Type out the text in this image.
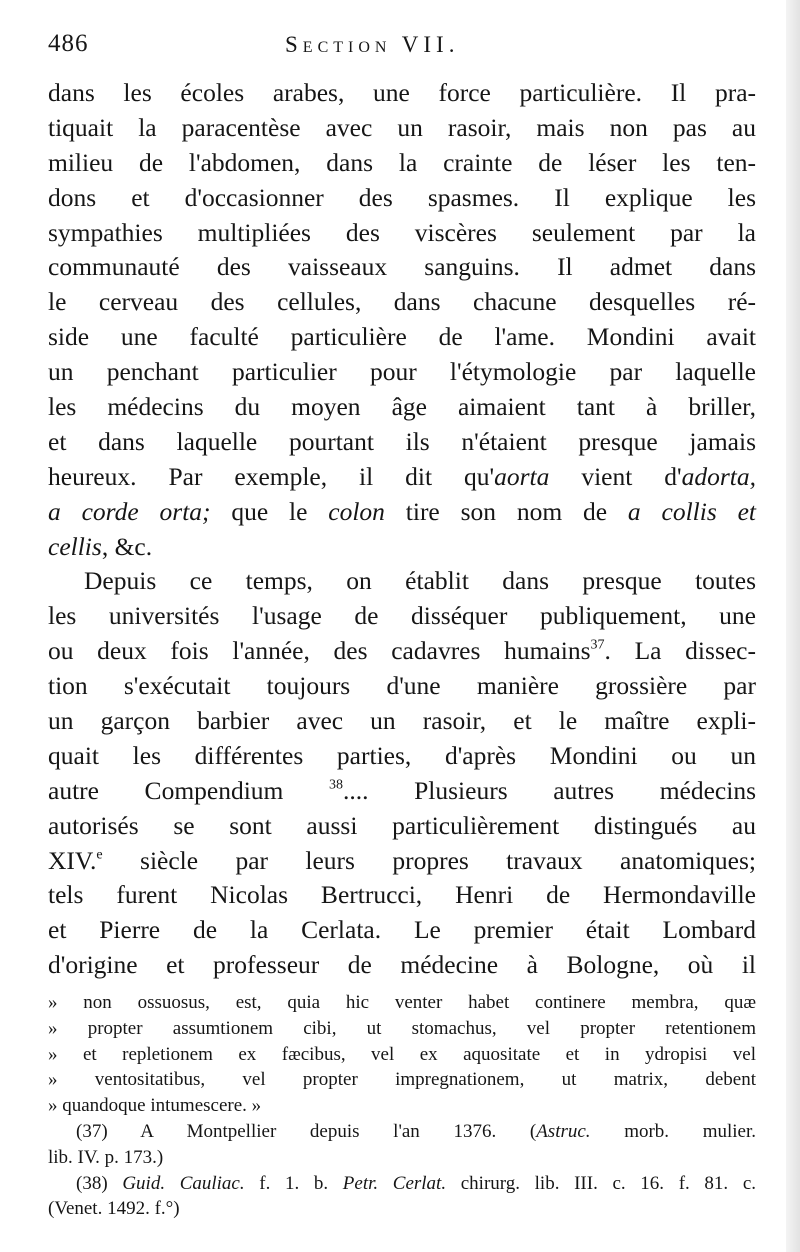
486	Section VII.
dans les écoles arabes, une force particulière. Il pra-
tiquait la paracentèse avec un rasoir, mais non pas au
milieu de l'abdomen, dans la crainte de léser les ten-
dons et d'occasionner des spasmes. Il explique les
sympathies multipliées des viscères seulement par la
communauté des vaisseaux sanguins. Il admet dans
le cerveau des cellules, dans chacune desquelles ré-
side une faculté particulière de l'ame. Mondini avait
un penchant particulier pour l'étymologie par laquelle
les médecins du moyen âge aimaient tant à briller,
et dans laquelle pourtant ils n'étaient presque jamais
heureux. Par exemple, il dit qu'aorta vient d'adorta,
a corde orta; que le colon tire son nom de a collis et
cellis, &c.
Depuis ce temps, on établit dans presque toutes
les universités l'usage de disséquer publiquement, une
ou deux fois l'année, des cadavres humains$^{37}$. La dissec-
tion s'exécutait toujours d'une manière grossière par
un garçon barbier avec un rasoir, et le maître expli-
quait les différentes parties, d'après Mondini ou un
autre Compendium $^{38}$.... Plusieurs autres médecins
autorisés se sont aussi particulièrement distingués au
XIV.$^e$ siècle par leurs propres travaux anatomiques;
tels furent Nicolas Bertrucci, Henri de Hermondaville
et Pierre de la Cerlata. Le premier était Lombard
d'origine et professeur de médecine à Bologne, où il
» non ossuosus, est, quia hic venter habet continere membra, quæ
» propter assumtionem cibi, ut stomachus, vel propter retentionem
» et repletionem ex fæcibus, vel ex aquositate et in ydropisi vel
» ventositatibus, vel propter impregnationem, ut matrix, debent
» quandoque intumescere. »
(37) A Montpellier depuis l'an 1376. (Astruc. morb. mulier.
lib. IV. p. 173.)
(38) Guid. Cauliac. f. 1. b. Petr. Cerlat. chirurg. lib. III. c. 16. f. 81. c.
(Venet. 1492. f.°)
